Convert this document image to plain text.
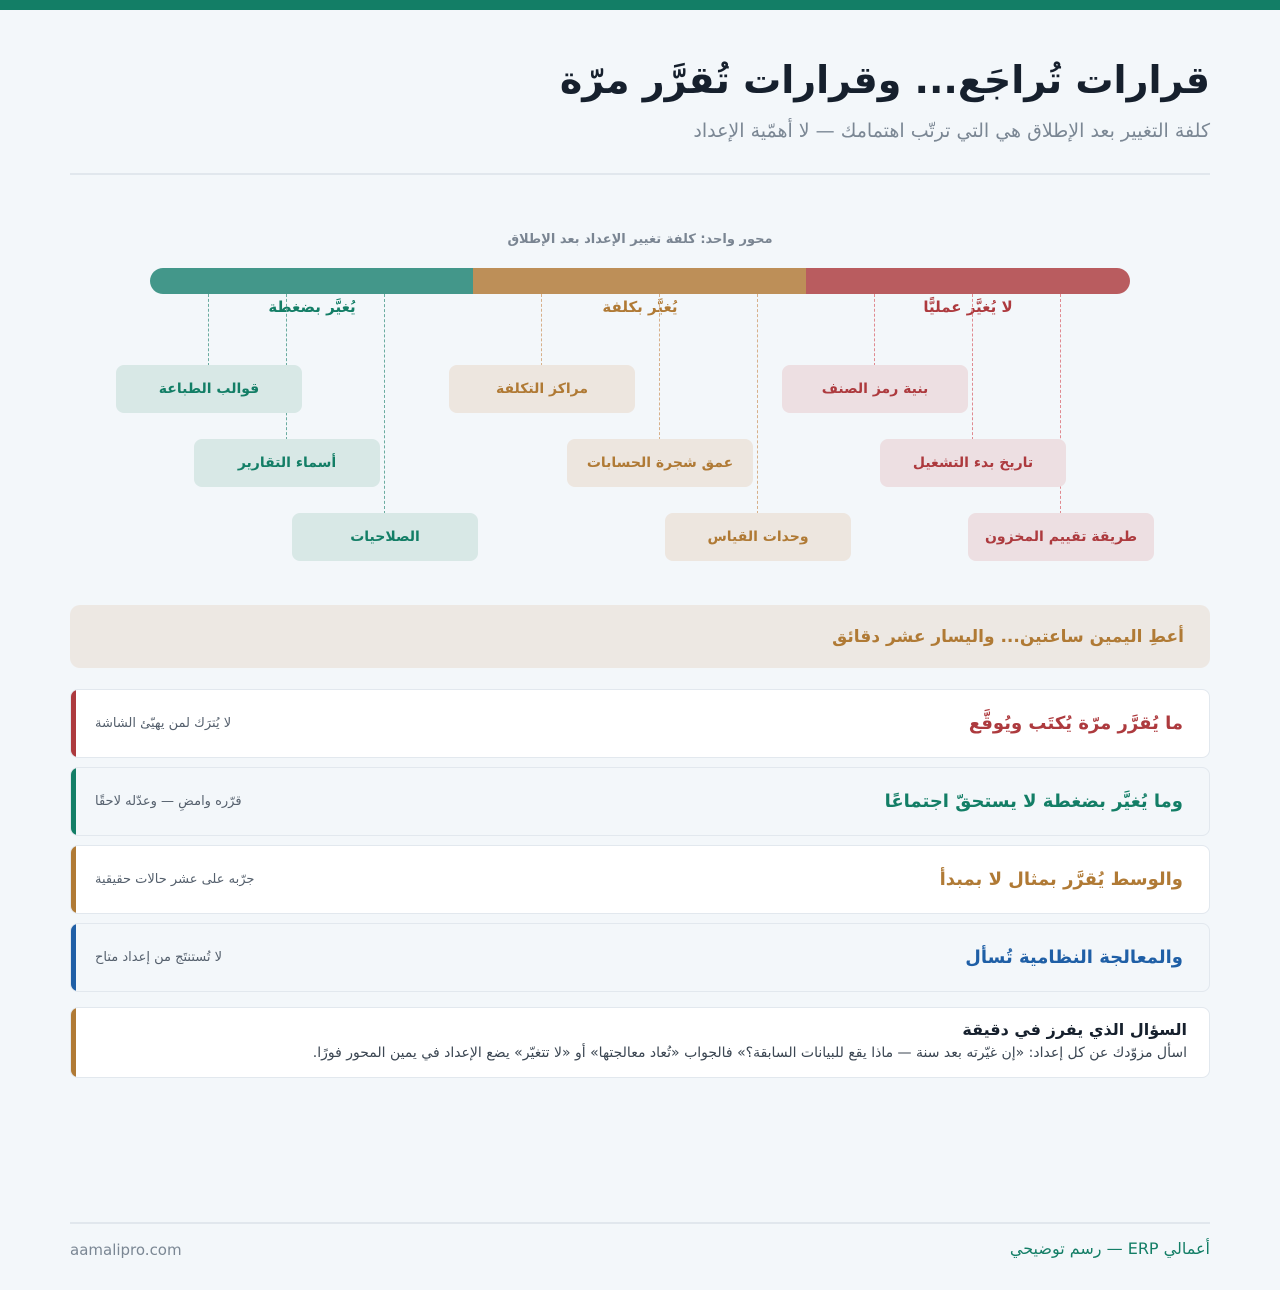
قرارات تُراجَع... وقرارات تُقرَّر مرّة
كلفة التغيير بعد الإطلاق هي التي ترتّب اهتمامك — لا أهمّية الإعداد
محور واحد: كلفة تغيير الإعداد بعد الإطلاق
يُغيَّر بضغطة	يُغيَّر بكلفة	لا يُغيَّر عمليًّا
قوالب الطباعة
أسماء التقارير
الصلاحيات
مراكز التكلفة
عمق شجرة الحسابات
وحدات القياس
بنية رمز الصنف
تاريخ بدء التشغيل
طريقة تقييم المخزون
أعطِ اليمين ساعتين... واليسار عشر دقائق
ما يُقرَّر مرّة يُكتَب ويُوقَّع
لا يُترَك لمن يهيّئ الشاشة
وما يُغيَّر بضغطة لا يستحقّ اجتماعًا
قرّره وامضِ — وعدّله لاحقًا
والوسط يُقرَّر بمثال لا بمبدأ
جرّبه على عشر حالات حقيقية
والمعالجة النظامية تُسأل
لا تُستنتَج من إعداد متاح
السؤال الذي يفرز في دقيقة
اسأل مزوّدك عن كل إعداد: «إن غيّرته بعد سنة — ماذا يقع للبيانات السابقة؟» فالجواب «تُعاد معالجتها» أو «لا تتغيّر» يضع الإعداد في يمين المحور فورًا.
aamalipro.com	أعمالي ERP — رسم توضيحي
